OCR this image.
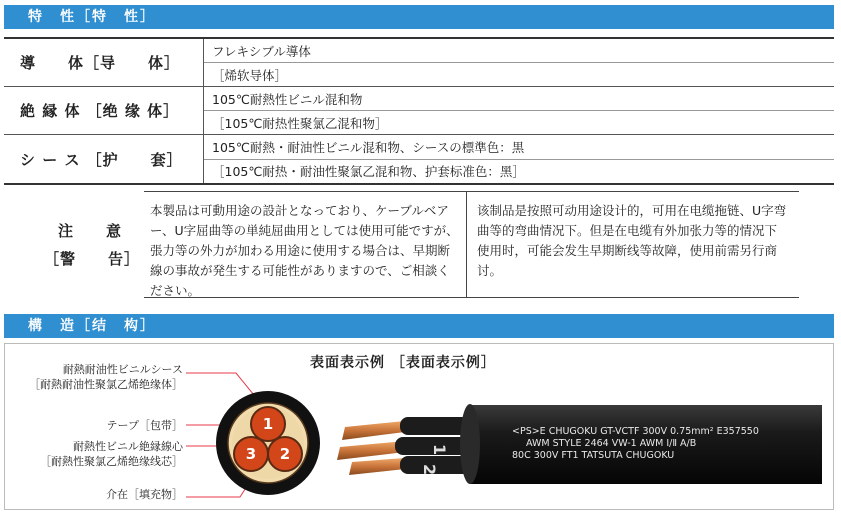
特　性［特　性］
導　　体［导　　体］
フレキシブル導体
［烯软导体］
絶 縁 体 ［绝 缘 体］
105℃耐熱性ビニル混和物
［105℃耐热性聚氯乙混和物］
シ ー ス ［护　　套］
105℃耐熱・耐油性ビニル混和物、シースの標準色：黒
［105℃耐热・耐油性聚氯乙混和物、护套标准色：黑］
注　　意
［警　　告］
本製品は可動用途の設計となっており、ケーブルベアー、U字屈曲等の単純屈曲用としては使用可能ですが、張力等の外力が加わる用途に使用する場合は、早期断線の事故が発生する可能性がありますので、ご相談ください。
该制品是按照可动用途设计的，可用在电缆拖链、U字弯曲等的弯曲情况下。但是在电缆有外加张力等的情况下使用时，可能会发生早期断线等故障，使用前需另行商讨。
構　造［结　构］
表面表示例 ［表面表示例］
耐熱耐油性ビニルシース
［耐熱耐油性聚氯乙烯绝缘体］
テープ［包带］
耐熱性ビニル絶縁線心
［耐熱性聚氯乙烯绝缘线芯］
介在［填充物］
1
2
3	1
2
<PS>E CHUGOKU GT-VCTF 300V 0.75mm² E357550
AWM STYLE 2464 VW-1 AWM Ⅰ/Ⅱ A/B
80C 300V FT1 TATSUTA CHUGOKU
